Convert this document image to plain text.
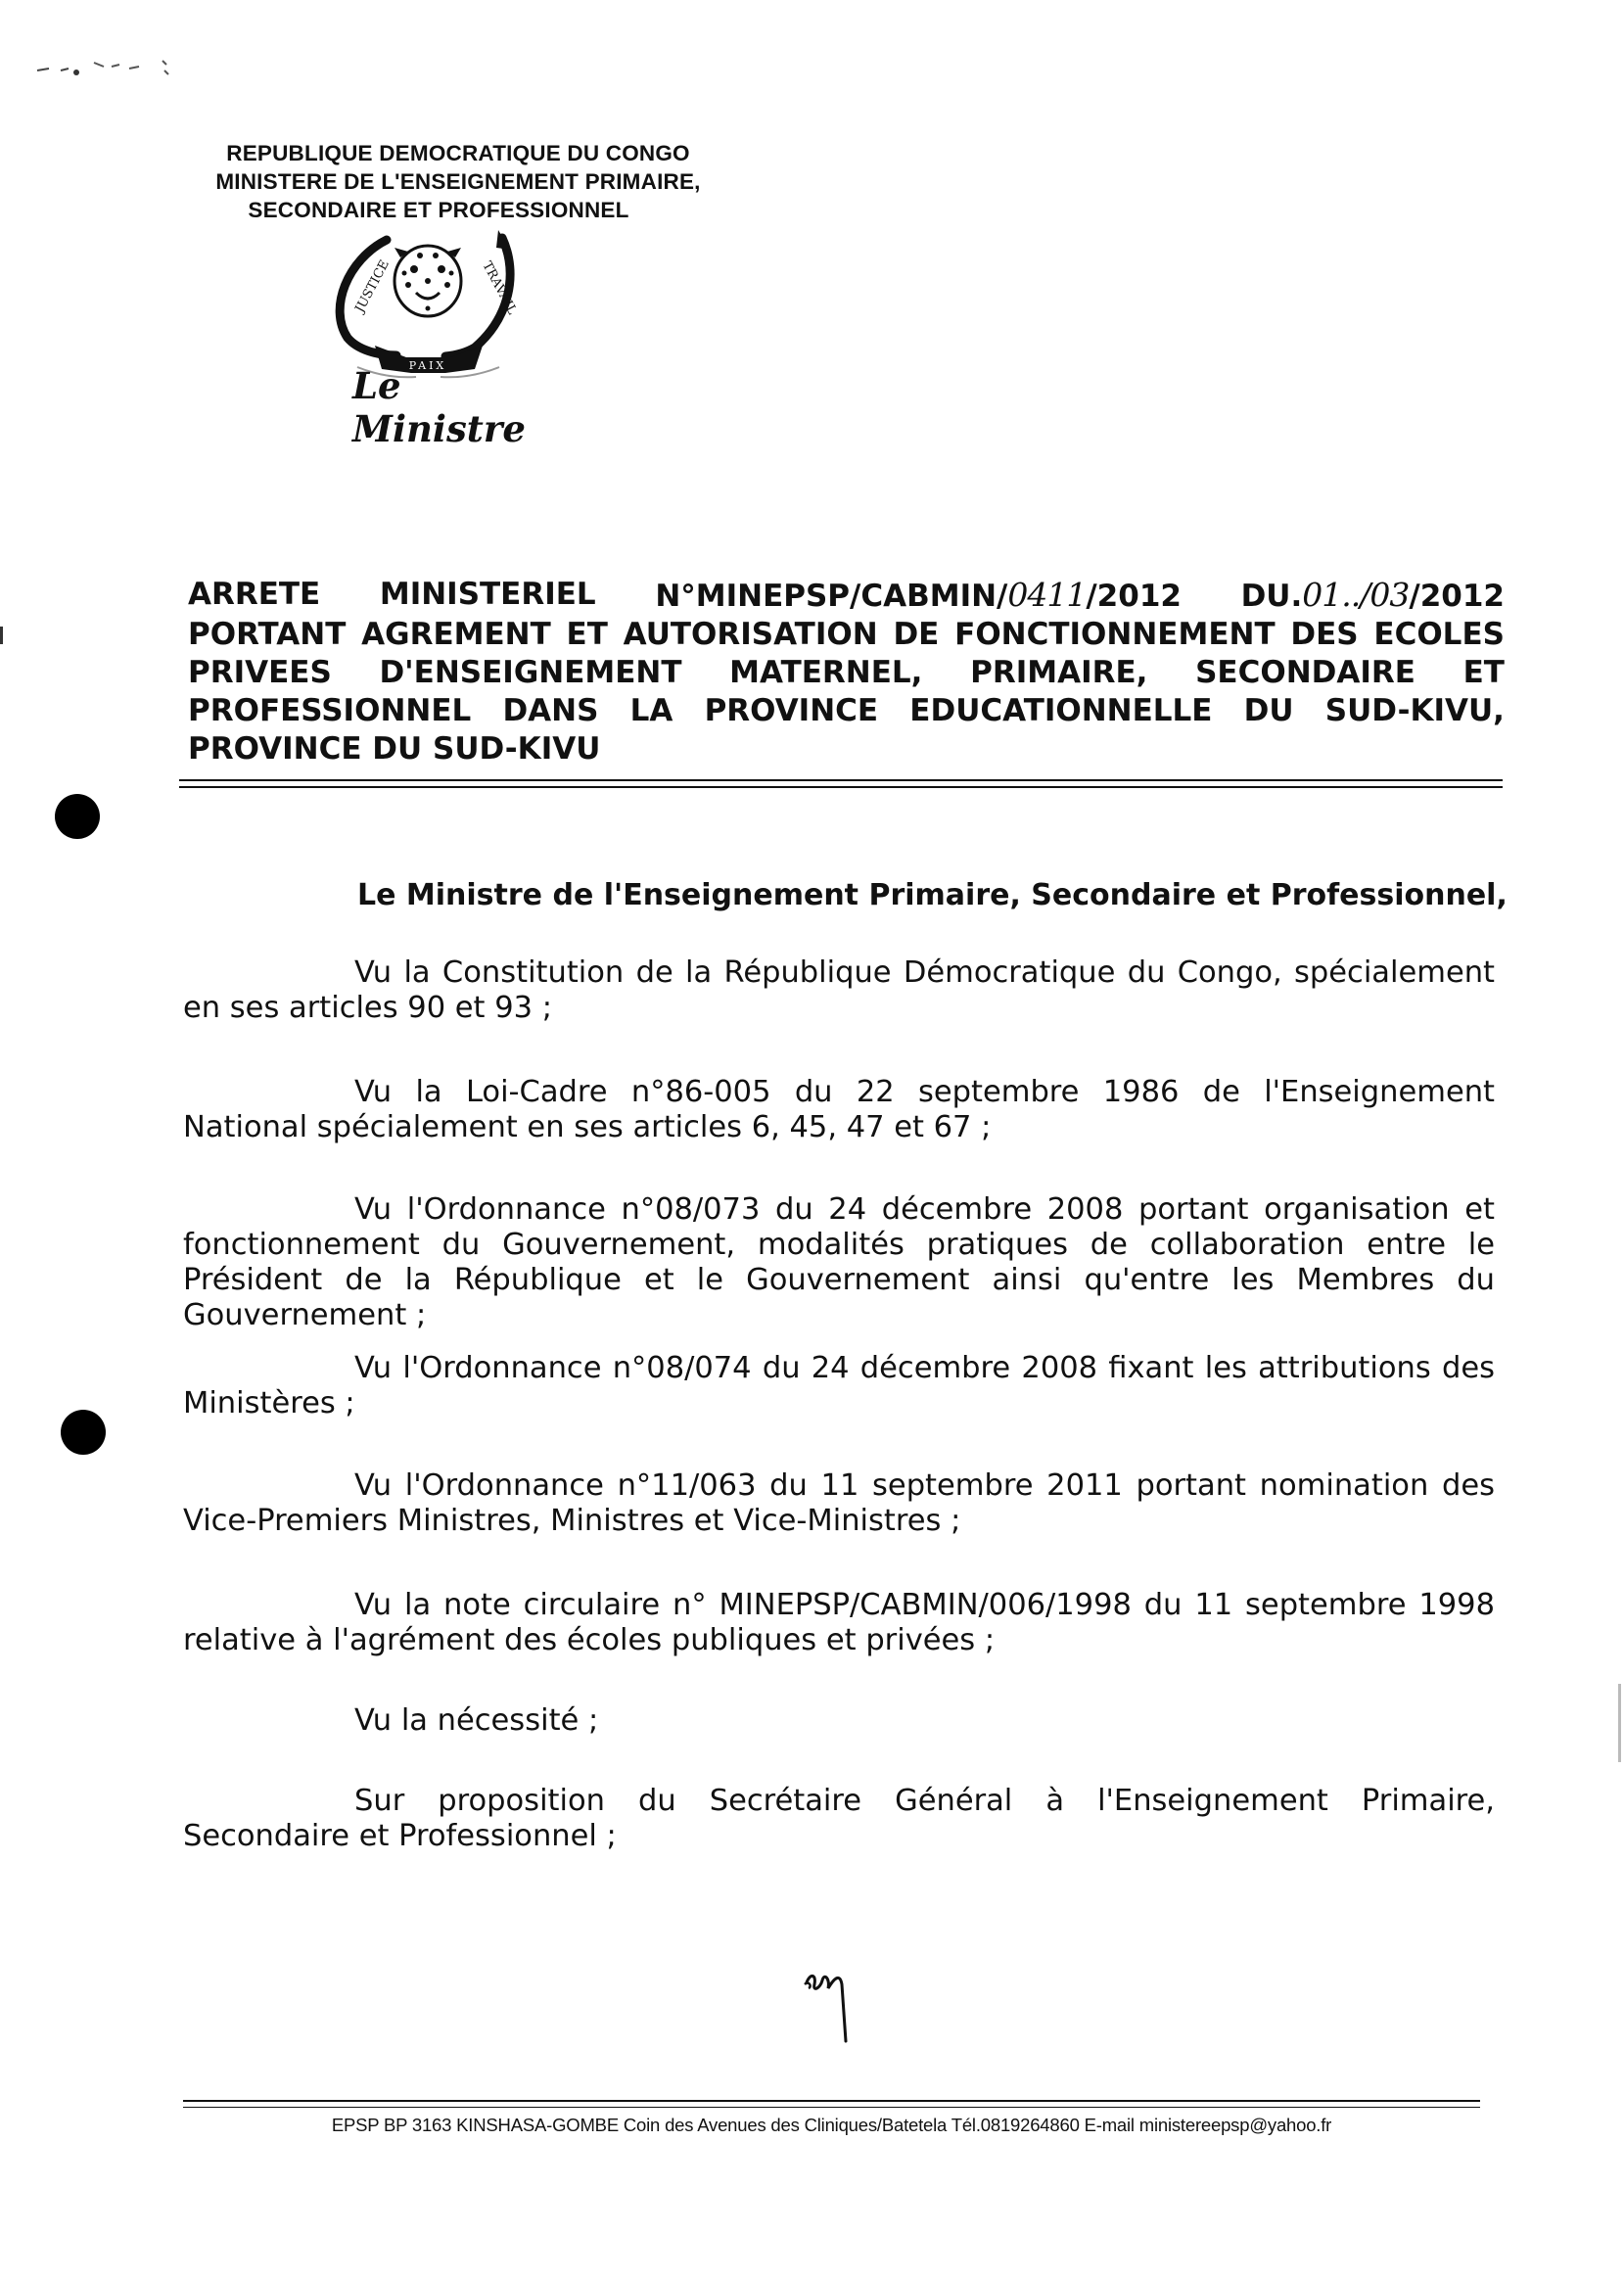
REPUBLIQUE DEMOCRATIQUE DU CONGO
MINISTERE DE L'ENSEIGNEMENT PRIMAIRE,
SECONDAIRE ET PROFESSIONNEL
JUSTICE	TRAVAIL
PAIX
Le Ministre
ARRETE MINISTERIEL N°MINEPSP/CABMIN/0411/2012 DU.01../03/2012
PORTANT AGREMENT ET AUTORISATION DE FONCTIONNEMENT DES ECOLES
PRIVEES D'ENSEIGNEMENT MATERNEL, PRIMAIRE, SECONDAIRE ET
PROFESSIONNEL DANS LA PROVINCE EDUCATIONNELLE DU SUD-KIVU,
PROVINCE DU SUD-KIVU
Le Ministre de l'Enseignement Primaire, Secondaire et Professionnel,
Vu la Constitution de la République Démocratique du Congo, spécialement en ses articles 90 et 93 ;
Vu la Loi-Cadre n°86-005 du 22 septembre 1986 de l'Enseignement National spécialement en ses articles 6, 45, 47 et 67 ;
Vu l'Ordonnance n°08/073 du 24 décembre 2008 portant organisation et fonctionnement du Gouvernement, modalités pratiques de collaboration entre le Président de la République et le Gouvernement ainsi qu'entre les Membres du Gouvernement ;
Vu l'Ordonnance n°08/074 du 24 décembre 2008 fixant les attributions des Ministères ;
Vu l'Ordonnance n°11/063 du 11 septembre 2011 portant nomination des Vice-Premiers Ministres, Ministres et Vice-Ministres ;
Vu la note circulaire n° MINEPSP/CABMIN/006/1998 du 11 septembre 1998 relative à l'agrément des écoles publiques et privées ;
Vu la nécessité ;
Sur proposition du Secrétaire Général à l'Enseignement Primaire, Secondaire et Professionnel ;
EPSP BP 3163 KINSHASA-GOMBE Coin des Avenues des Cliniques/Batetela Tél.0819264860 E-mail ministereepsp@yahoo.fr
